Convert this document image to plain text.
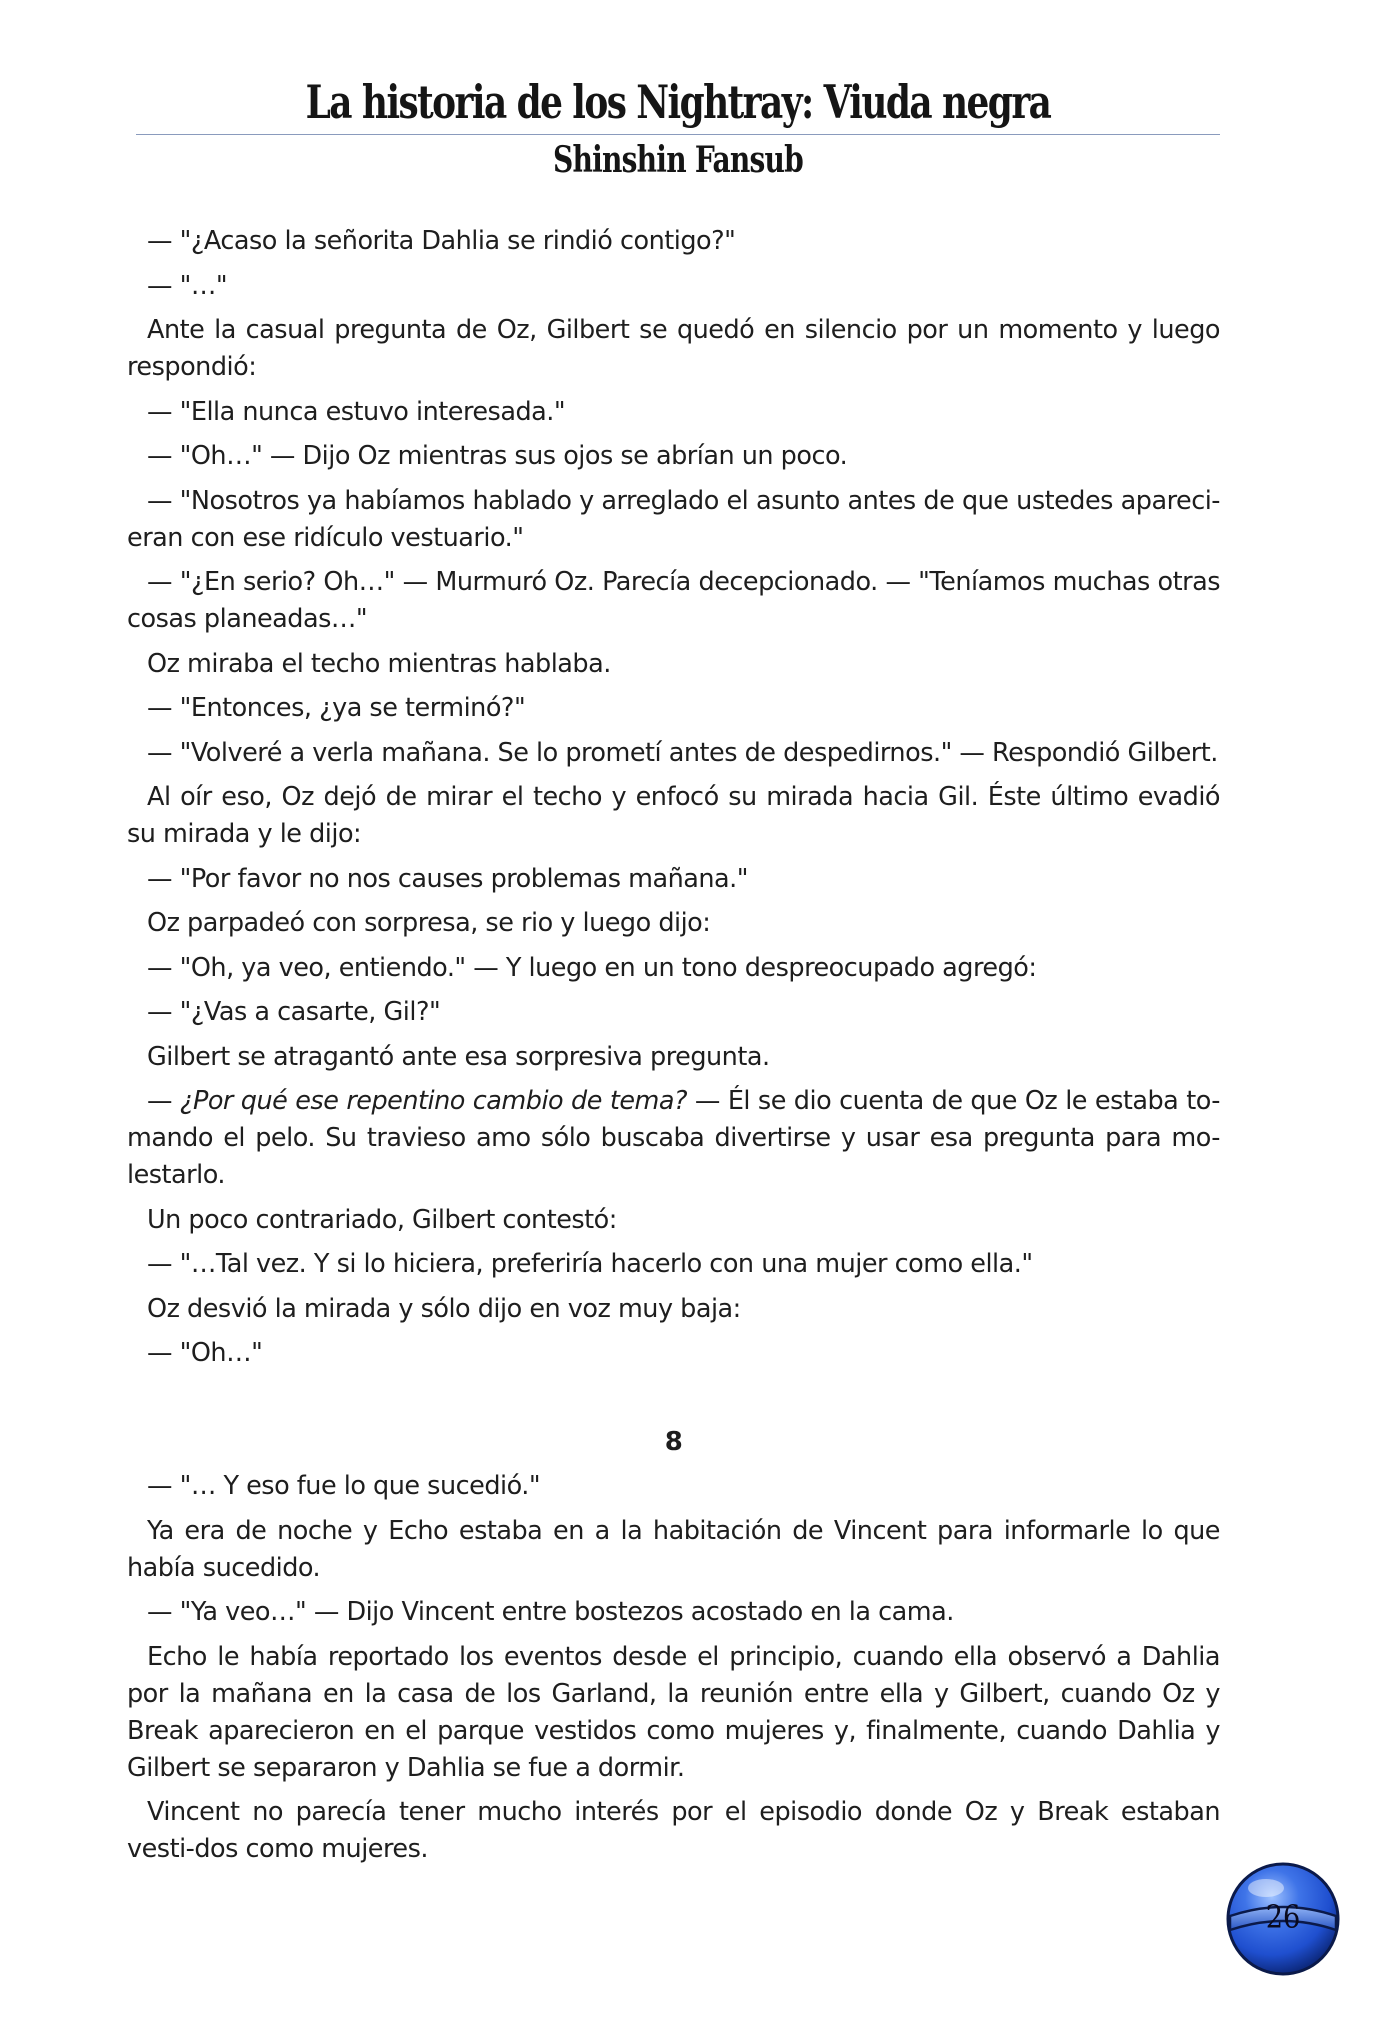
La historia de los Nightray: Viuda negra
Shinshin Fansub

— "¿Acaso la señorita Dahlia se rindió contigo?"

— "…"

Ante la casual pregunta de Oz, Gilbert se quedó en silencio por un momento y luego respondió:

— "Ella nunca estuvo interesada."

— "Oh…" — Dijo Oz mientras sus ojos se abrían un poco.

— "Nosotros ya habíamos hablado y arreglado el asunto antes de que ustedes apareci-eran con ese ridículo vestuario."

— "¿En serio? Oh…" — Murmuró Oz. Parecía decepcionado. — "Teníamos muchas otras cosas planeadas…"

Oz miraba el techo mientras hablaba.

— "Entonces, ¿ya se terminó?"

— "Volveré a verla mañana. Se lo prometí antes de despedirnos." — Respondió Gilbert.

Al oír eso, Oz dejó de mirar el techo y enfocó su mirada hacia Gil. Éste último evadió su mirada y le dijo:

— "Por favor no nos causes problemas mañana."

Oz parpadeó con sorpresa, se rio y luego dijo:

— "Oh, ya veo, entiendo." — Y luego en un tono despreocupado agregó:

— "¿Vas a casarte, Gil?"

Gilbert se atragantó ante esa sorpresiva pregunta.

— ¿Por qué ese repentino cambio de tema? — Él se dio cuenta de que Oz le estaba to-mando el pelo. Su travieso amo sólo buscaba divertirse y usar esa pregunta para mo-lestarlo.

Un poco contrariado, Gilbert contestó:

— "…Tal vez. Y si lo hiciera, preferiría hacerlo con una mujer como ella."

Oz desvió la mirada y sólo dijo en voz muy baja:

— "Oh…"

8

— "… Y eso fue lo que sucedió."

Ya era de noche y Echo estaba en a la habitación de Vincent para informarle lo que había sucedido.

— "Ya veo…" — Dijo Vincent entre bostezos acostado en la cama.

Echo le había reportado los eventos desde el principio, cuando ella observó a Dahlia por la mañana en la casa de los Garland, la reunión entre ella y Gilbert, cuando Oz y Break aparecieron en el parque vestidos como mujeres y, finalmente, cuando Dahlia y Gilbert se separaron y Dahlia se fue a dormir.

Vincent no parecía tener mucho interés por el episodio donde Oz y Break estaban vesti-dos como mujeres.

26
